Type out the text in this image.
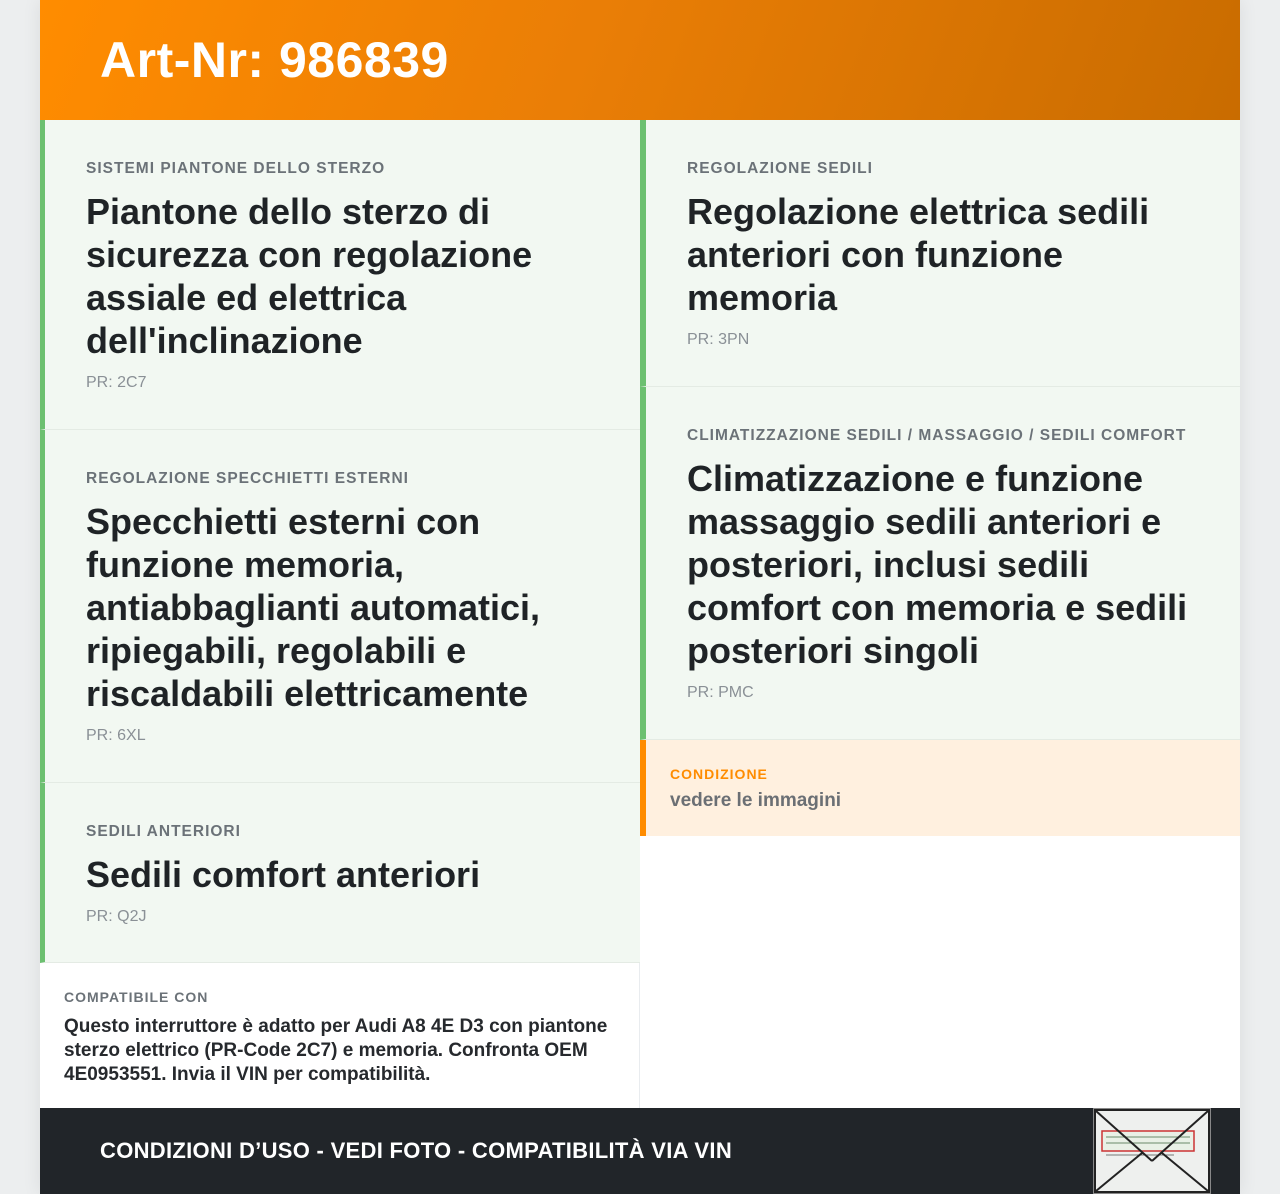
Art-Nr: 986839
SISTEMI PIANTONE DELLO STERZO
Piantone dello sterzo di sicurezza con regolazione assiale ed elettrica dell'inclinazione
PR: 2C7
REGOLAZIONE SPECCHIETTI ESTERNI
Specchietti esterni con funzione memoria, antiabbaglianti automatici, ripiegabili, regolabili e riscaldabili elettricamente
PR: 6XL
SEDILI ANTERIORI
Sedili comfort anteriori
PR: Q2J
COMPATIBILE CON
Questo interruttore è adatto per Audi A8 4E D3 con piantone sterzo elettrico (PR-Code 2C7) e memoria. Confronta OEM 4E0953551. Invia il VIN per compatibilità.
REGOLAZIONE SEDILI
Regolazione elettrica sedili anteriori con funzione memoria
PR: 3PN
CLIMATIZZAZIONE SEDILI / MASSAGGIO / SEDILI COMFORT
Climatizzazione e funzione massaggio sedili anteriori e posteriori, inclusi sedili comfort con memoria e sedili posteriori singoli
PR: PMC
CONDIZIONE
vedere le immagini
CONDIZIONI D’USO - VEDI FOTO - COMPATIBILITÀ VIA VIN
